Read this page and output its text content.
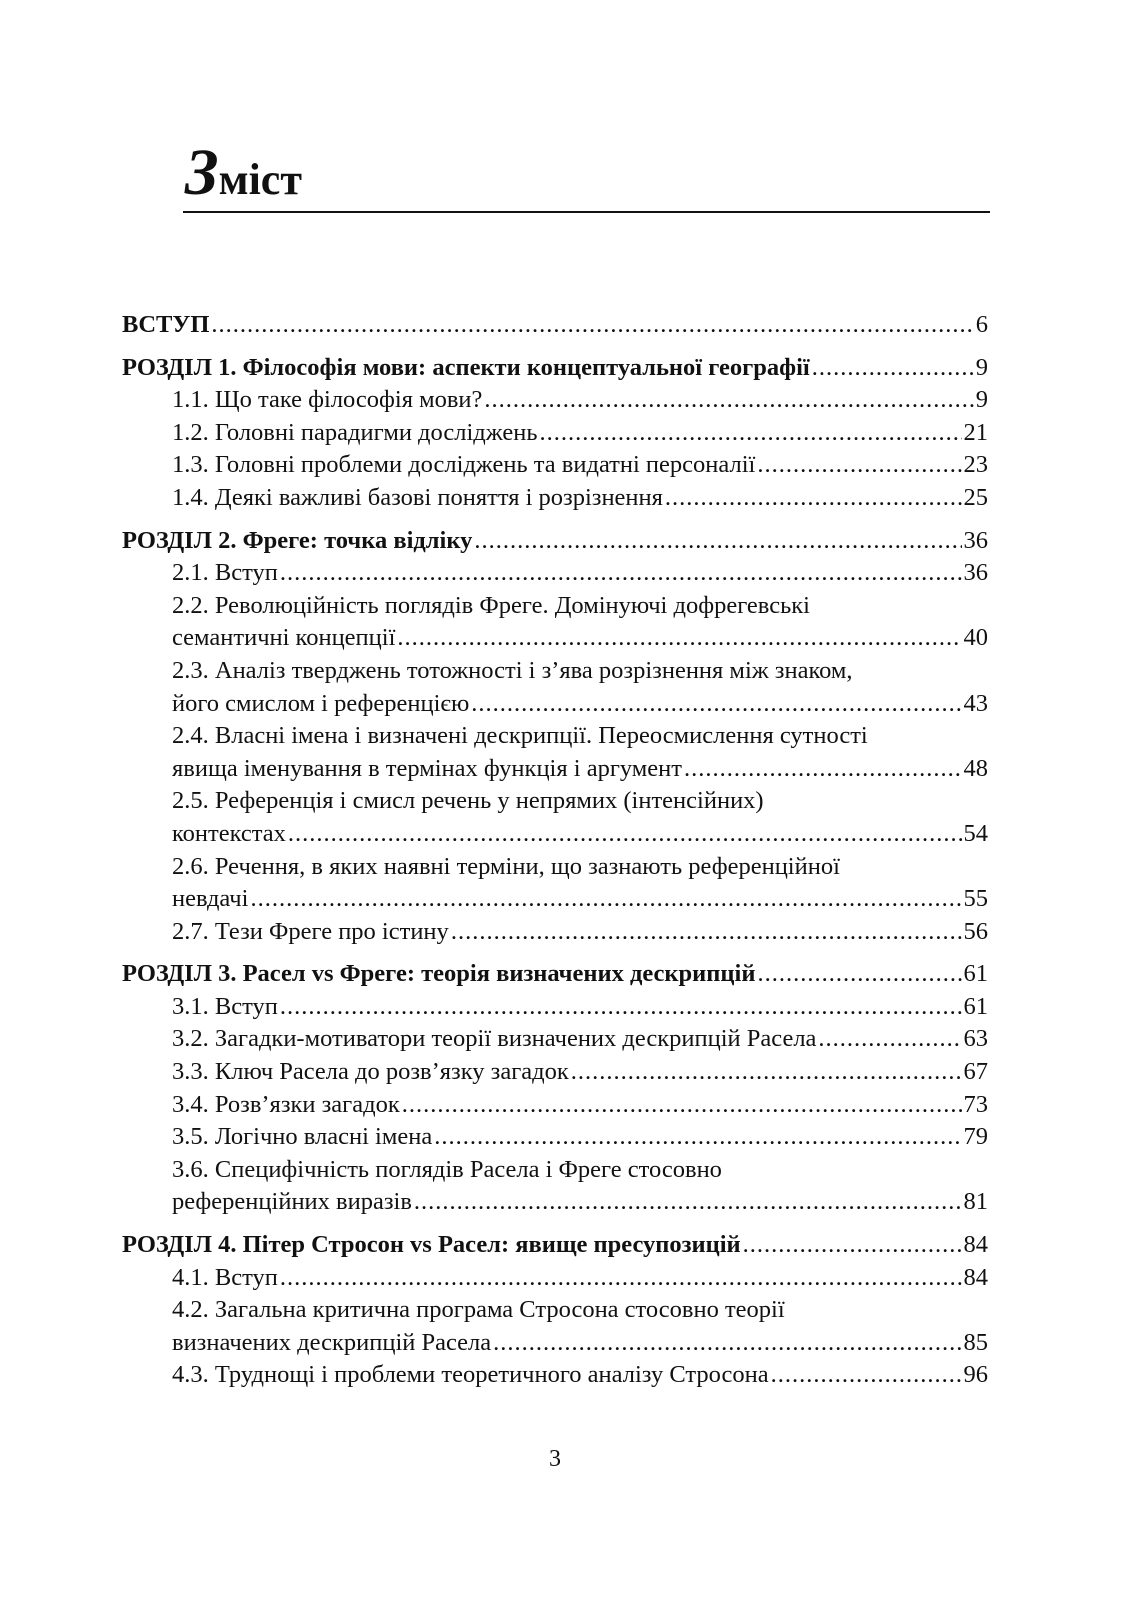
Зміст
ВСТУП .....	6
РОЗДІЛ 1. Філософія мови: аспекти концептуальної географії .....	9
1.1. Що таке філософія мови? .....	9
1.2. Головні парадигми досліджень .....	21
1.3. Головні проблеми досліджень та видатні персоналії .....	23
1.4. Деякі важливі базові поняття і розрізнення .....	25
РОЗДІЛ 2. Фреге: точка відліку .....	36
2.1. Вступ .....	36
2.2. Революційність поглядів Фреге. Домінуючі дофрегевські
семантичні концепції .....	40
2.3. Аналіз тверджень тотожності і з’ява розрізнення між знаком,
його смислом і референцією .....	43
2.4. Власні імена і визначені дескрипції. Переосмислення сутності
явища іменування в термінах функція і аргумент .....	48
2.5. Референція і смисл речень у непрямих (інтенсійних)
контекстах .....	54
2.6. Речення, в яких наявні терміни, що зазнають референційної
невдачі .....	55
2.7. Тези Фреге про істину .....	56
РОЗДІЛ 3. Расел vs Фреге: теорія визначених дескрипцій .....	61
3.1. Вступ .....	61
3.2. Загадки-мотиватори теорії визначених дескрипцій Расела .....	63
3.3. Ключ Расела до розв’язку загадок .....	67
3.4. Розв’язки загадок .....	73
3.5. Логічно власні імена .....	79
3.6. Специфічність поглядів Расела і Фреге стосовно
референційних виразів .....	81
РОЗДІЛ 4. Пітер Стросон vs Расел: явище пресупозицій .....	84
4.1. Вступ .....	84
4.2. Загальна критична програма Стросона стосовно теорії
визначених дескрипцій Расела .....	85
4.3. Труднощі і проблеми теоретичного аналізу Стросона .....	96
3
